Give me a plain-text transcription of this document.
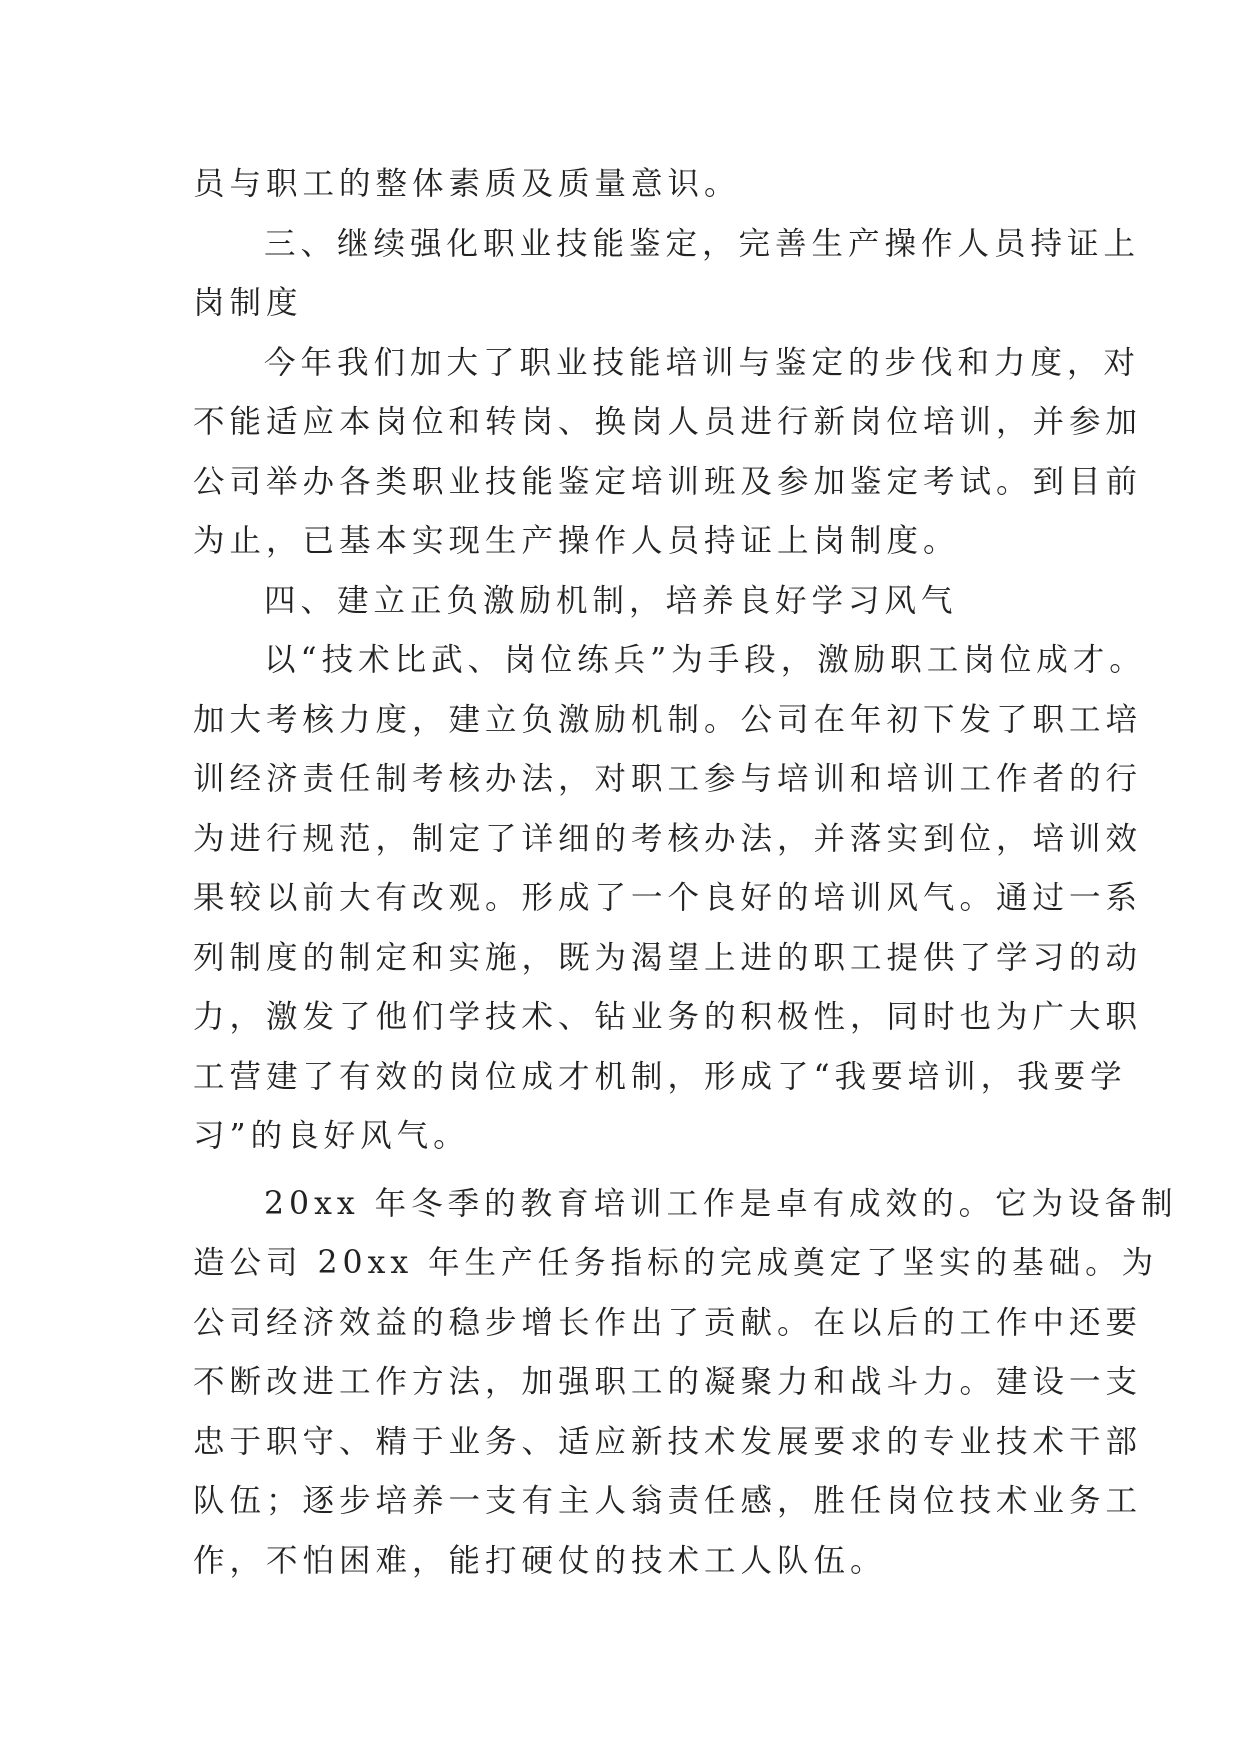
员与职工的整体素质及质量意识。
三、继续强化职业技能鉴定，完善生产操作人员持证上
岗制度
今年我们加大了职业技能培训与鉴定的步伐和力度，对
不能适应本岗位和转岗、换岗人员进行新岗位培训，并参加
公司举办各类职业技能鉴定培训班及参加鉴定考试。到目前
为止，已基本实现生产操作人员持证上岗制度。
四、建立正负激励机制，培养良好学习风气
以“技术比武、岗位练兵”为手段，激励职工岗位成才。
加大考核力度，建立负激励机制。公司在年初下发了职工培
训经济责任制考核办法，对职工参与培训和培训工作者的行
为进行规范，制定了详细的考核办法，并落实到位，培训效
果较以前大有改观。形成了一个良好的培训风气。通过一系
列制度的制定和实施，既为渴望上进的职工提供了学习的动
力，激发了他们学技术、钻业务的积极性，同时也为广大职
工营建了有效的岗位成才机制，形成了“我要培训，我要学
习”的良好风气。
20xx 年冬季的教育培训工作是卓有成效的。它为设备制
造公司 20xx 年生产任务指标的完成奠定了坚实的基础。为
公司经济效益的稳步增长作出了贡献。在以后的工作中还要
不断改进工作方法，加强职工的凝聚力和战斗力。建设一支
忠于职守、精于业务、适应新技术发展要求的专业技术干部
队伍；逐步培养一支有主人翁责任感，胜任岗位技术业务工
作，不怕困难，能打硬仗的技术工人队伍。
